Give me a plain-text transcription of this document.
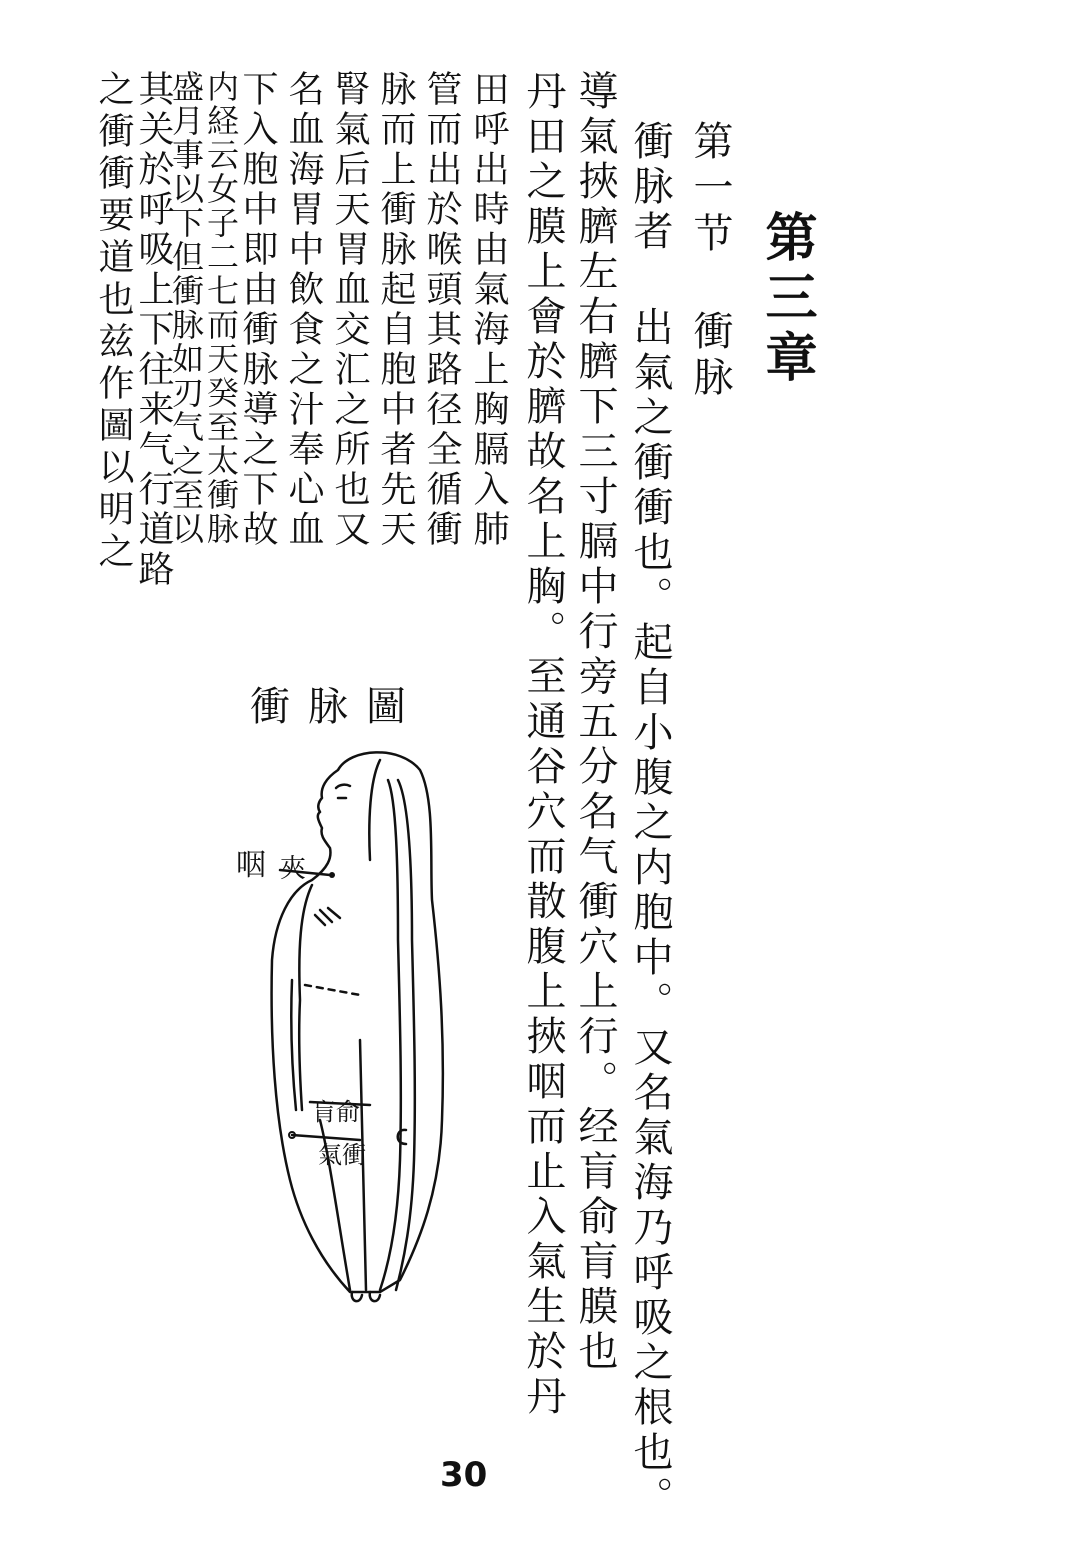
第三章
第一节 衝脉
衝脉者 出氣之衝衝也。起自小腹之内胞中。又名氣海乃呼吸之根也。
導氣挾臍左右臍下三寸膈中行旁五分名气衝穴上行。经肓俞肓膜也
丹田之膜上會於臍故名上胸。至通谷穴而散腹上挾咽而止入氣生於丹
田呼出時由氣海上胸膈入肺
管而出於喉頭其路径全循衝
脉而上衝脉起自胞中者先天
腎氣后天胃血交汇之所也又
名血海胃中飲食之汁奉心血
下入胞中即由衝脉導之下故
内経云女子二七而天癸至太衝脉
盛月事以下但衝脉如刃气之至以
其关於呼吸上下往来气行道路
之衝衝要道也兹作圖以明之
衝脉圖
咽 夾
肓俞
氣衝
30
